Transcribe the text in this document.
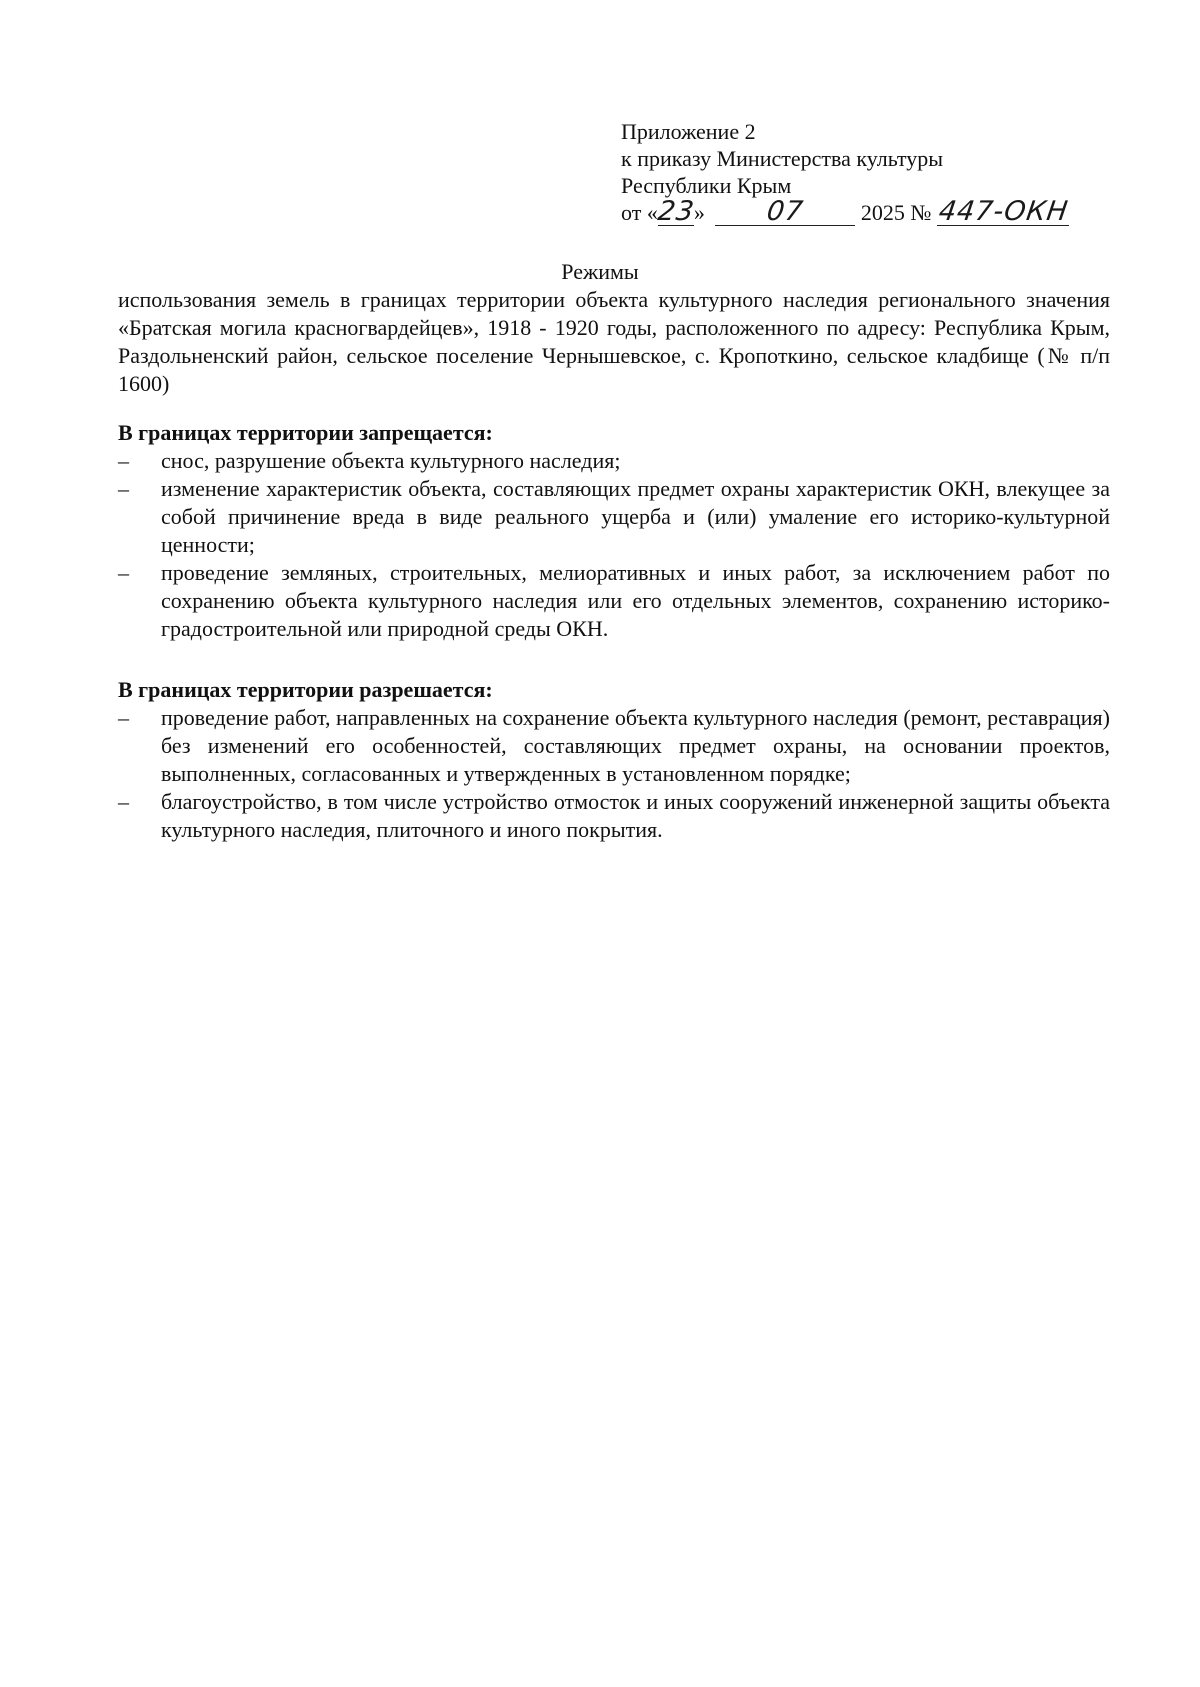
Приложение 2
к приказу Министерства культуры
Республики Крым
от «23» 07	2025 № 447-ОКН
Режимы
использования земель в границах территории объекта культурного наследия регионального значения «Братская могила красногвардейцев», 1918 - 1920 годы, расположенного по адресу: Республика Крым, Раздольненский район, сельское поселение Чернышевское, с. Кропоткино, сельское кладбище (№ п/п 1600)

В границах территории запрещается:

–	снос, разрушение объекта культурного наследия;
–	изменение характеристик объекта, составляющих предмет охраны характеристик ОКН, влекущее за собой причинение вреда в виде реального ущерба и (или) умаление его историко-культурной ценности;
–	проведение земляных, строительных, мелиоративных и иных работ, за исключением работ по сохранению объекта культурного наследия или его отдельных элементов, сохранению историко-градостроительной или природной среды ОКН.

В границах территории разрешается:

–	проведение работ, направленных на сохранение объекта культурного наследия (ремонт, реставрация) без изменений его особенностей, составляющих предмет охраны, на основании проектов, выполненных, согласованных и утвержденных в установленном порядке;
–	благоустройство, в том числе устройство отмосток и иных сооружений инженерной защиты объекта культурного наследия, плиточного и иного покрытия.
